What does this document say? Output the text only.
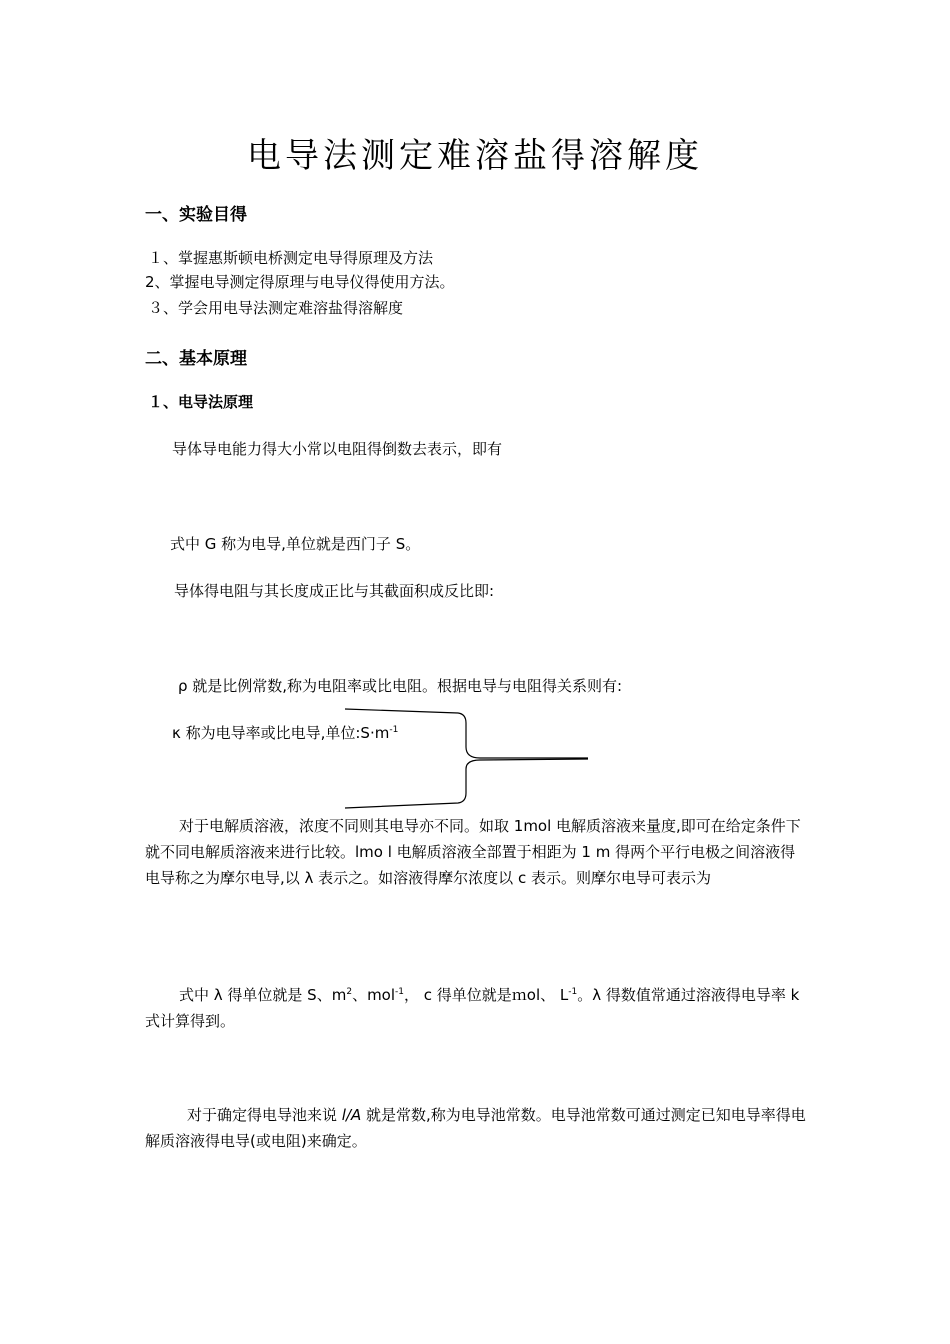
电导法测定难溶盐得溶解度
一、实验目得
１、掌握惠斯顿电桥测定电导得原理及方法
2、掌握电导测定得原理与电导仪得使用方法。
３、学会用电导法测定难溶盐得溶解度
二、基本原理
１、电导法原理
导体导电能力得大小常以电阻得倒数去表示，即有
式中 G 称为电导,单位就是西门子 S。
导体得电阻与其长度成正比与其截面积成反比即:
ρ 就是比例常数,称为电阻率或比电阻。根据电导与电阻得关系则有:
κ 称为电导率或比电导,单位$:S\cdot m^{-1}$
对于电解质溶液，浓度不同则其电导亦不同。如取 1mol 电解质溶液来量度,即可在给定条件下就不同电解质溶液来进行比较。lmo l 电解质溶液全部置于相距为 1 m 得两个平行电极之间溶液得电导称之为摩尔电导,以 λ 表示之。如溶液得摩尔浓度以 c 表示。则摩尔电导可表示为
式中 λ 得单位就是 S、$m^2$、mol$^{-1}$， c 得单位就是ｍol、 $L^{-1}$。λ 得数值常通过溶液得电导率 k 式计算得到。
对于确定得电导池来说 l/A 就是常数,称为电导池常数。电导池常数可通过测定已知电导率得电解质溶液得电导(或电阻)来确定。
